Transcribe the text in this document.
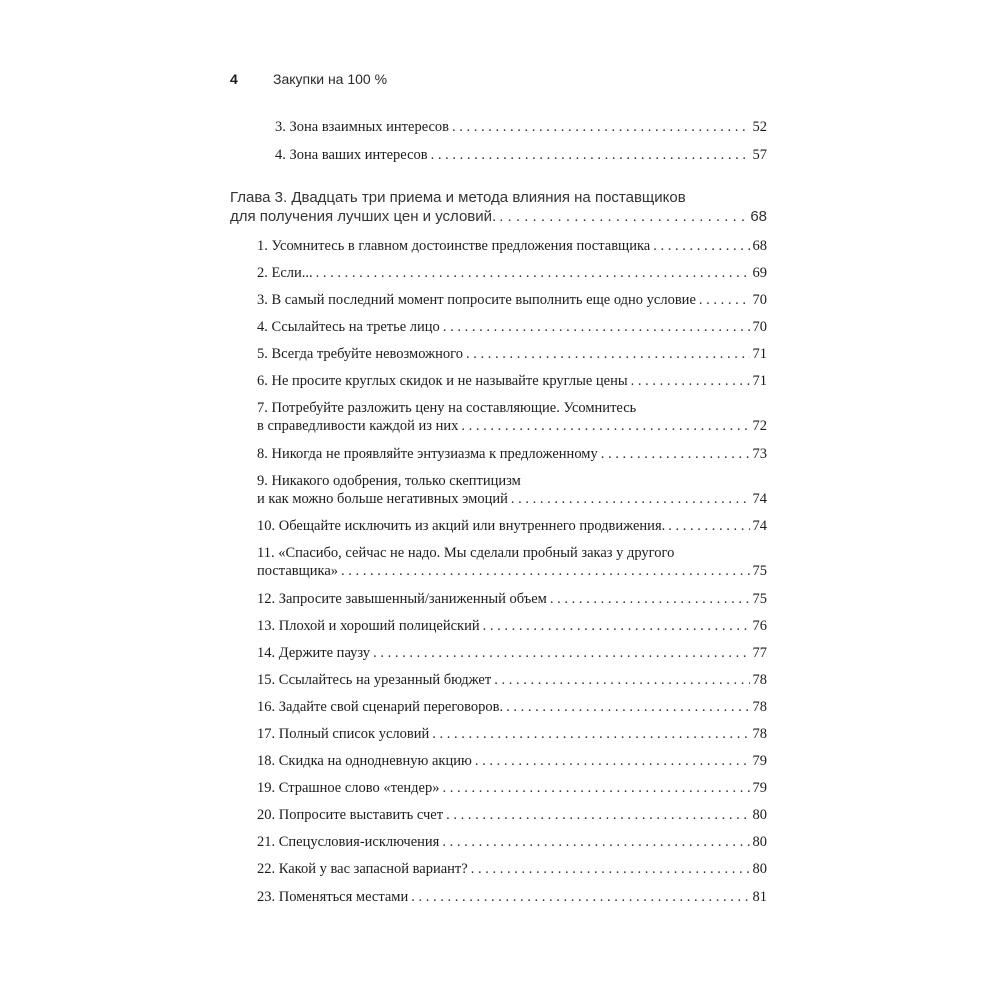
4	Закупки на 100 %
3. Зона взаимных интересов . . .	52
4. Зона ваших интересов . . .	57
Глава 3. Двадцать три приема и метода влияния на поставщиков
для получения лучших цен и условий. . . .	68
1. Усомнитесь в главном достоинстве предложения поставщика . . .	68
2. Если... . . .	69
3. В самый последний момент попросите выполнить еще одно условие . . .	70
4. Ссылайтесь на третье лицо . . .	70
5. Всегда требуйте невозможного . . .	71
6. Не просите круглых скидок и не называйте круглые цены . . .	71
7. Потребуйте разложить цену на составляющие. Усомнитесь
в справедливости каждой из них . . .	72
8. Никогда не проявляйте энтузиазма к предложенному . . .	73
9. Никакого одобрения, только скептицизм
и как можно больше негативных эмоций . . .	74
10. Обещайте исключить из акций или внутреннего продвижения. . . .	74
11. «Спасибо, сейчас не надо. Мы сделали пробный заказ у другого
поставщика» . . .	75
12. Запросите завышенный/заниженный объем . . .	75
13. Плохой и хороший полицейский . . .	76
14. Держите паузу . . .	77
15. Ссылайтесь на урезанный бюджет . . .	78
16. Задайте свой сценарий переговоров. . . .	78
17. Полный список условий . . .	78
18. Скидка на однодневную акцию . . .	79
19. Страшное слово «тендер» . . .	79
20. Попросите выставить счет . . .	80
21. Спецусловия-исключения . . .	80
22. Какой у вас запасной вариант? . . .	80
23. Поменяться местами . . .	81
